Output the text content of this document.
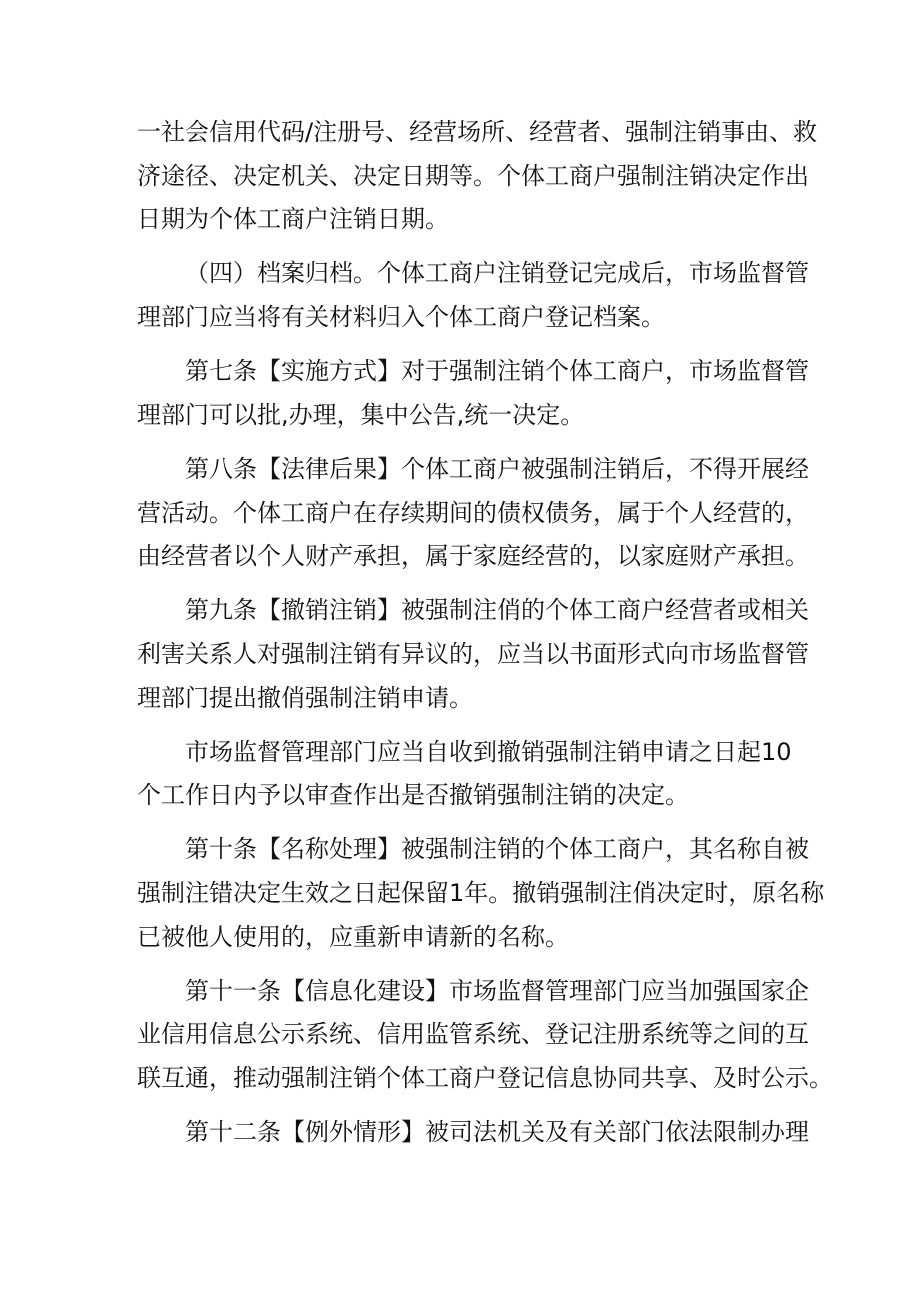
一社会信用代码/注册号、经营场所、经营者、强制注销事由、救
济途径、决定机关、决定日期等。个体工商户强制注销决定作出
日期为个体工商户注销日期。
（四）档案归档。个体工商户注销登记完成后，市场监督管
理部门应当将有关材料归入个体工商户登记档案。
第七条【实施方式】对于强制注销个体工商户，市场监督管
理部门可以批,办理，集中公告,统一决定。
第八条【法律后果】个体工商户被强制注销后，不得开展经
营活动。个体工商户在存续期间的债权债务，属于个人经营的，
由经营者以个人财产承担，属于家庭经营的，以家庭财产承担。
第九条【撤销注销】被强制注俏的个体工商户经营者或相关
利害关系人对强制注销有异议的，应当以书面形式向市场监督管
理部门提出撤俏强制注销申请。
市场监督管理部门应当自收到撤销强制注销申请之日起10
个工作日内予以审查作出是否撤销强制注销的决定。
第十条【名称处理】被强制注销的个体工商户，其名称自被
强制注错决定生效之日起保留1年。撤销强制注俏决定时，原名称
已被他人使用的，应重新申请新的名称。
第十一条【信息化建设】市场监督管理部门应当加强国家企
业信用信息公示系统、信用监管系统、登记注册系统等之间的互
联互通，推动强制注销个体工商户登记信息协同共享、及时公示。
第十二条【例外情形】被司法机关及有关部门依法限制办理
